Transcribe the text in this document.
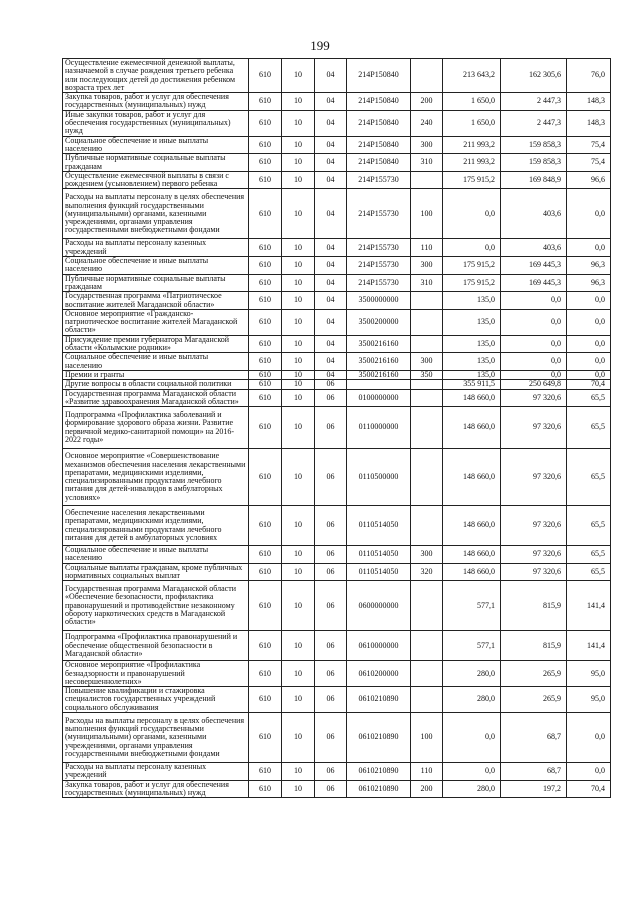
199
Осуществление ежемесячной денежной выплаты, назначаемой в случае рождения третьего ребенка или последующих детей до достижения ребенком возраста трех лет	610	10	04	214P150840		213 643,2	162 305,6	76,0
Закупка товаров, работ и услуг для обеспечения государственных (муниципальных) нужд	610	10	04	214P150840	200	1 650,0	2 447,3	148,3
Иные закупки товаров, работ и услуг для обеспечения государственных (муниципальных) нужд	610	10	04	214P150840	240	1 650,0	2 447,3	148,3
Социальное обеспечение и иные выплаты населению	610	10	04	214P150840	300	211 993,2	159 858,3	75,4
Публичные нормативные социальные выплаты гражданам	610	10	04	214P150840	310	211 993,2	159 858,3	75,4
Осуществление ежемесячной выплаты в связи с рождением (усыновлением) первого ребенка	610	10	04	214P155730		175 915,2	169 848,9	96,6
Расходы на выплаты персоналу в целях обеспечения выполнения функций государственными (муниципальными) органами, казенными учреждениями, органами управления государственными внебюджетными фондами	610	10	04	214P155730	100	0,0	403,6	0,0
Расходы на выплаты персоналу казенных учреждений	610	10	04	214P155730	110	0,0	403,6	0,0
Социальное обеспечение и иные выплаты населению	610	10	04	214P155730	300	175 915,2	169 445,3	96,3
Публичные нормативные социальные выплаты гражданам	610	10	04	214P155730	310	175 915,2	169 445,3	96,3
Государственная программа «Патриотическое воспитание жителей Магаданской области»	610	10	04	3500000000		135,0	0,0	0,0
Основное мероприятие «Гражданско-патриотическое воспитание жителей Магаданской области»	610	10	04	3500200000		135,0	0,0	0,0
Присуждение премии губернатора Магаданской области «Колымские родники»	610	10	04	3500216160		135,0	0,0	0,0
Социальное обеспечение и иные выплаты населению	610	10	04	3500216160	300	135,0	0,0	0,0
Премии и гранты	610	10	04	3500216160	350	135,0	0,0	0,0
Другие вопросы в области социальной политики	610	10	06			355 911,5	250 649,8	70,4
Государственная программа Магаданской области «Развитие здравоохранения Магаданской области»	610	10	06	0100000000		148 660,0	97 320,6	65,5
Подпрограмма «Профилактика заболеваний и формирование здорового образа жизни. Развитие первичной медико-санитарной помощи» на 2016-2022 годы»	610	10	06	0110000000		148 660,0	97 320,6	65,5
Основное мероприятие «Совершенствование механизмов обеспечения населения лекарственными препаратами, медицинскими изделиями, специализированными продуктами лечебного питания для детей-инвалидов в амбулаторных условиях»	610	10	06	0110500000		148 660,0	97 320,6	65,5
Обеспечение населения лекарственными препаратами, медицинскими изделиями, специализированными продуктами лечебного питания для детей в амбулаторных условиях	610	10	06	0110514050		148 660,0	97 320,6	65,5
Социальное обеспечение и иные выплаты населению	610	10	06	0110514050	300	148 660,0	97 320,6	65,5
Социальные выплаты гражданам, кроме публичных нормативных социальных выплат	610	10	06	0110514050	320	148 660,0	97 320,6	65,5
Государственная программа Магаданской области «Обеспечение безопасности, профилактика правонарушений и противодействие незаконному обороту наркотических средств в Магаданской области»	610	10	06	0600000000		577,1	815,9	141,4
Подпрограмма «Профилактика правонарушений и обеспечение общественной безопасности в Магаданской области»	610	10	06	0610000000		577,1	815,9	141,4
Основное мероприятие «Профилактика безнадзорности и правонарушений несовершеннолетних»	610	10	06	0610200000		280,0	265,9	95,0
Повышение квалификации и стажировка специалистов государственных учреждений социального обслуживания	610	10	06	0610210890		280,0	265,9	95,0
Расходы на выплаты персоналу в целях обеспечения выполнения функций государственными (муниципальными) органами, казенными учреждениями, органами управления государственными внебюджетными фондами	610	10	06	0610210890	100	0,0	68,7	0,0
Расходы на выплаты персоналу казенных учреждений	610	10	06	0610210890	110	0,0	68,7	0,0
Закупка товаров, работ и услуг для обеспечения государственных (муниципальных) нужд	610	10	06	0610210890	200	280,0	197,2	70,4
